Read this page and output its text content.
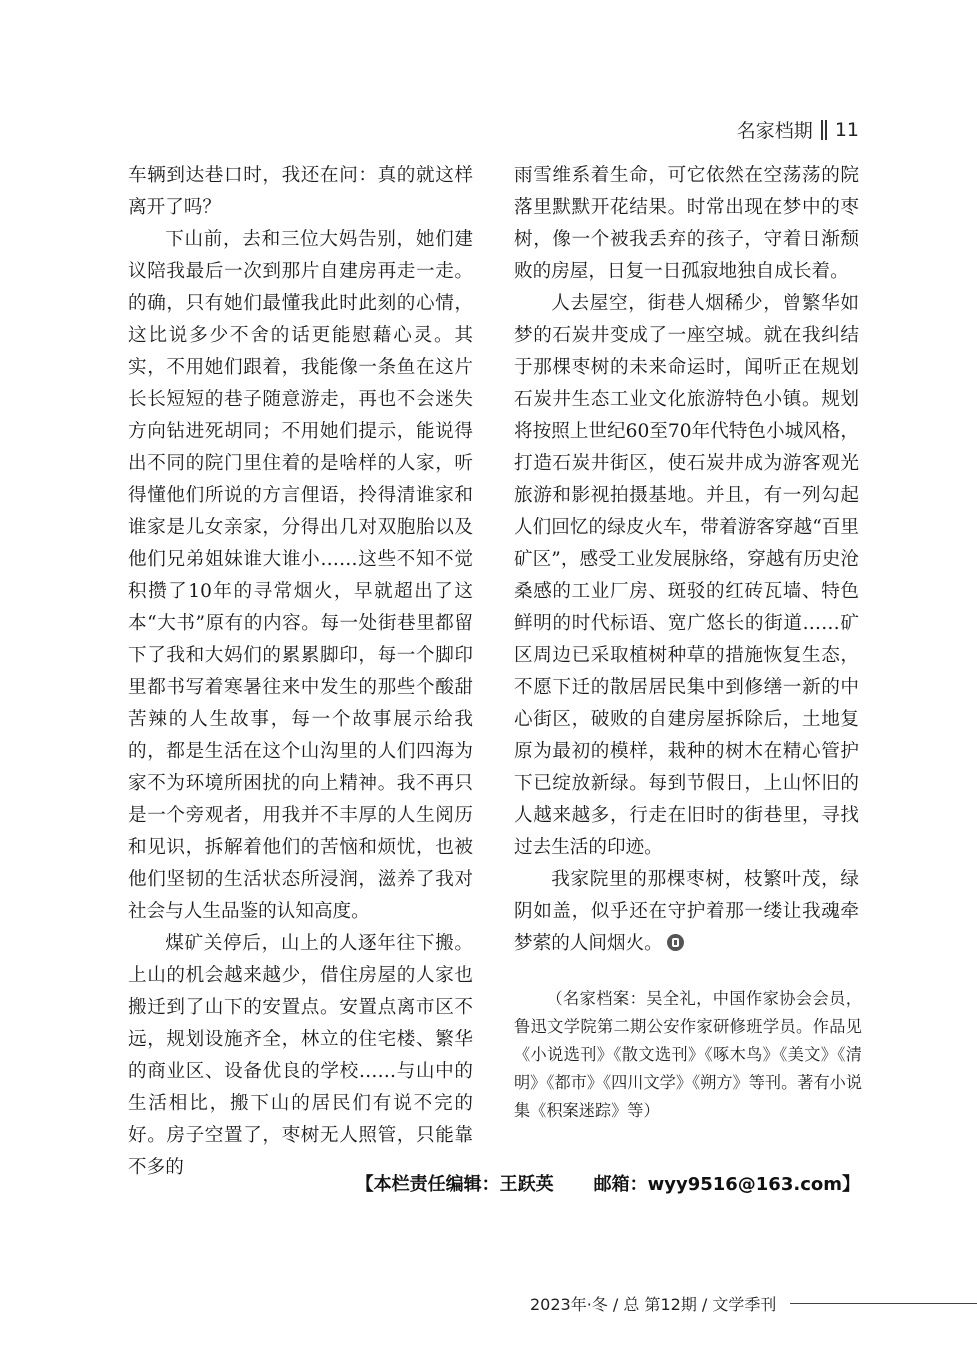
名家档期 11

车辆到达巷口时，我还在问：真的就这样离开了吗？

下山前，去和三位大妈告别，她们建议陪我最后一次到那片自建房再走一走。的确，只有她们最懂我此时此刻的心情，这比说多少不舍的话更能慰藉心灵。其实，不用她们跟着，我能像一条鱼在这片长长短短的巷子随意游走，再也不会迷失方向钻进死胡同；不用她们提示，能说得出不同的院门里住着的是啥样的人家，听得懂他们所说的方言俚语，拎得清谁家和谁家是儿女亲家，分得出几对双胞胎以及他们兄弟姐妹谁大谁小……这些不知不觉积攒了10年的寻常烟火，早就超出了这本“大书”原有的内容。每一处街巷里都留下了我和大妈们的累累脚印，每一个脚印里都书写着寒暑往来中发生的那些个酸甜苦辣的人生故事，每一个故事展示给我的，都是生活在这个山沟里的人们四海为家不为环境所困扰的向上精神。我不再只是一个旁观者，用我并不丰厚的人生阅历和见识，拆解着他们的苦恼和烦忧，也被他们坚韧的生活状态所浸润，滋养了我对社会与人生品鉴的认知高度。

煤矿关停后，山上的人逐年往下搬。上山的机会越来越少，借住房屋的人家也搬迁到了山下的安置点。安置点离市区不远，规划设施齐全，林立的住宅楼、繁华的商业区、设备优良的学校……与山中的生活相比，搬下山的居民们有说不完的好。房子空置了，枣树无人照管，只能靠不多的

雨雪维系着生命，可它依然在空荡荡的院落里默默开花结果。时常出现在梦中的枣树，像一个被我丢弃的孩子，守着日渐颓败的房屋，日复一日孤寂地独自成长着。

人去屋空，街巷人烟稀少，曾繁华如梦的石炭井变成了一座空城。就在我纠结于那棵枣树的未来命运时，闻听正在规划石炭井生态工业文化旅游特色小镇。规划将按照上世纪60至70年代特色小城风格，打造石炭井街区，使石炭井成为游客观光旅游和影视拍摄基地。并且，有一列勾起人们回忆的绿皮火车，带着游客穿越“百里矿区”，感受工业发展脉络，穿越有历史沧桑感的工业厂房、斑驳的红砖瓦墙、特色鲜明的时代标语、宽广悠长的街道……矿区周边已采取植树种草的措施恢复生态，不愿下迁的散居居民集中到修缮一新的中心街区，破败的自建房屋拆除后，土地复原为最初的模样，栽种的树木在精心管护下已绽放新绿。每到节假日，上山怀旧的人越来越多，行走在旧时的街巷里，寻找过去生活的印迹。

我家院里的那棵枣树，枝繁叶茂，绿阴如盖，似乎还在守护着那一缕让我魂牵梦萦的人间烟火。

（名家档案：吴全礼，中国作家协会会员，鲁迅文学院第二期公安作家研修班学员。作品见《小说选刊》《散文选刊》《啄木鸟》《美文》《清明》《都市》《四川文学》《朔方》等刊。著有小说集《积案迷踪》等）

【本栏责任编辑：王跃英 邮箱：wyy9516@163.com】
2023年·冬 / 总 第12期 / 文学季刊
